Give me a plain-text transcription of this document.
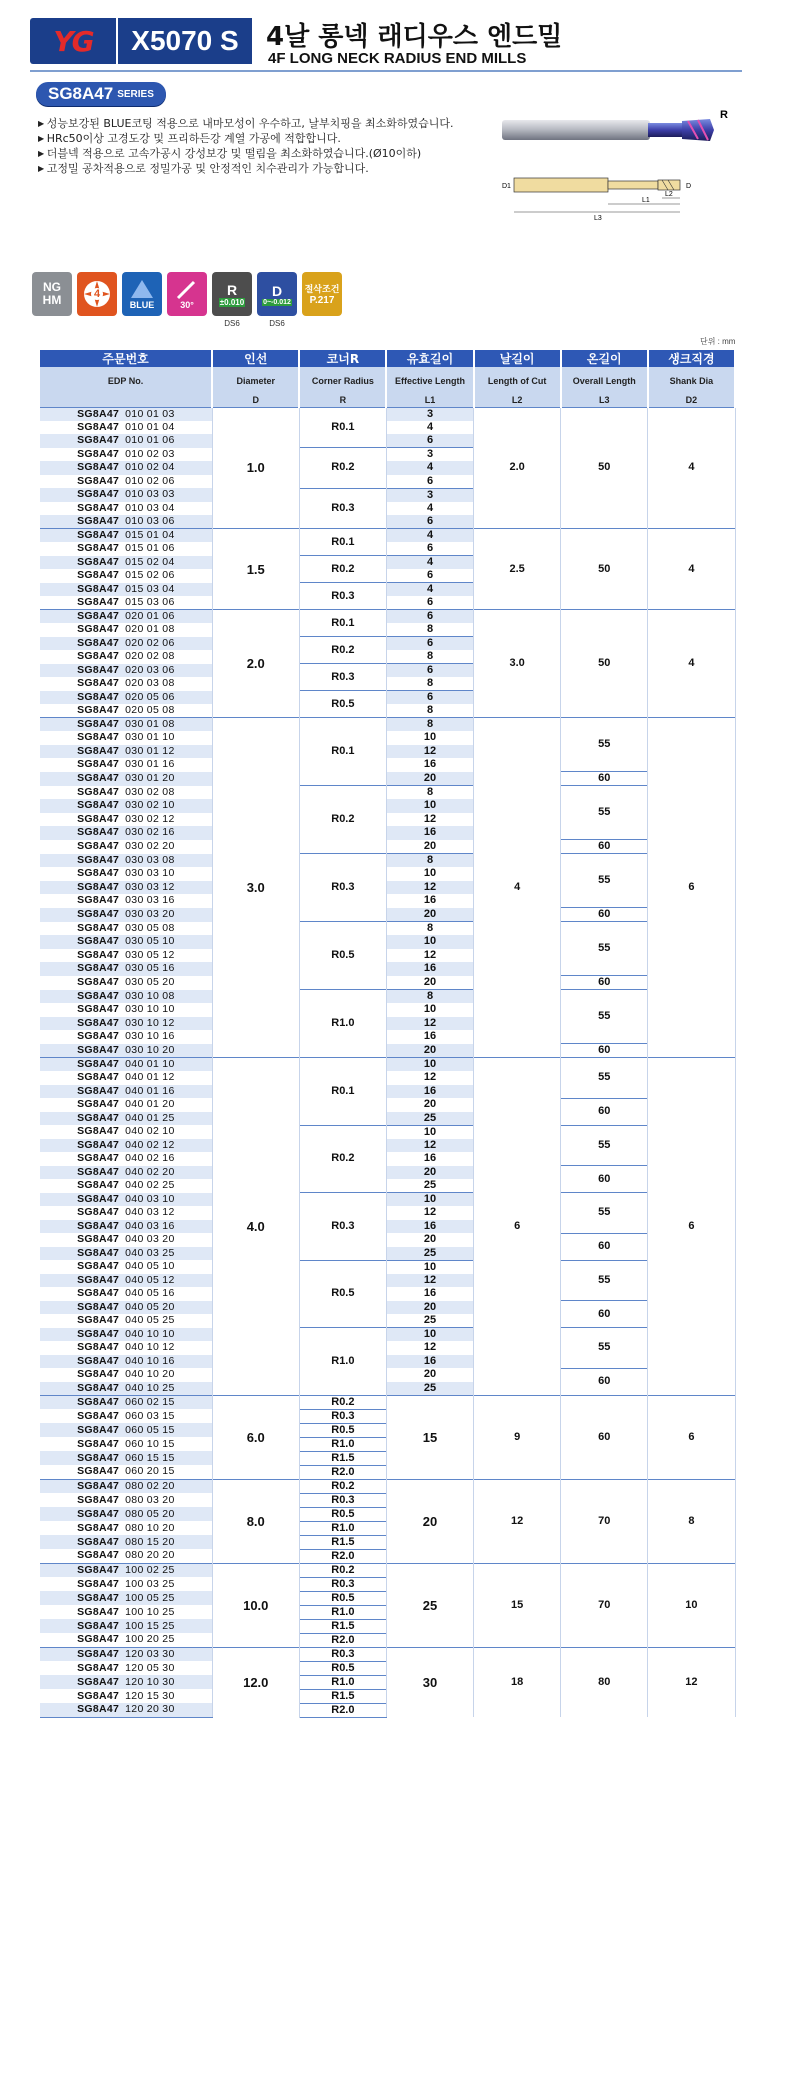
YG	X5070 S	4날 롱넥 래디우스 엔드밀
4F LONG NECK RADIUS END MILLS
SG8A47 SERIES
▶ 성능보강된 BLUE코팅 적용으로 내마모성이 우수하고, 날부치핑을 최소화하였습니다.
▶ HRc50이상 고경도강 및 프리하든강 계열 가공에 적합합니다.
▶ 더블넥 적용으로 고속가공시 강성보강 및 떨림을 최소화하였습니다.(Ø10이하)
▶ 고정밀 공차적용으로 정밀가공 및 안정적인 치수관리가 가능합니다.
R
D1	D
L2
L1
L3
NG HM	4
BLUE	30°
R
±0.010
DS6
D
0~-0.012
DS6
절삭조건
P.217
단위 : mm
주문번호	인선	코너R	유효길이	날길이	온길이	생크직경
EDP No.	Diameter	Corner Radius	Effective Length	Length of Cut	Overall Length	Shank Dia
	D	R	L1	L2	L3	D2
SG8A47 010 01 03	1.0	R0.1	3	2.0	50	4
SG8A47 010 01 04			4			
SG8A47 010 01 06			6			
SG8A47 010 02 03		R0.2	3			
SG8A47 010 02 04			4			
SG8A47 010 02 06			6			
SG8A47 010 03 03		R0.3	3			
SG8A47 010 03 04			4			
SG8A47 010 03 06			6			
SG8A47 015 01 04	1.5	R0.1	4	2.5	50	4
SG8A47 015 01 06			6			
SG8A47 015 02 04		R0.2	4			
SG8A47 015 02 06			6			
SG8A47 015 03 04		R0.3	4			
SG8A47 015 03 06			6			
SG8A47 020 01 06	2.0	R0.1	6	3.0	50	4
SG8A47 020 01 08			8			
SG8A47 020 02 06		R0.2	6			
SG8A47 020 02 08			8			
SG8A47 020 03 06		R0.3	6			
SG8A47 020 03 08			8			
SG8A47 020 05 06		R0.5	6			
SG8A47 020 05 08			8			
SG8A47 030 01 08	3.0	R0.1	8	4	55	6
SG8A47 030 01 10			10			
SG8A47 030 01 12			12			
SG8A47 030 01 16			16			
SG8A47 030 01 20			20		60	
SG8A47 030 02 08		R0.2	8		55	
SG8A47 030 02 10			10			
SG8A47 030 02 12			12			
SG8A47 030 02 16			16			
SG8A47 030 02 20			20		60	
SG8A47 030 03 08		R0.3	8		55	
SG8A47 030 03 10			10			
SG8A47 030 03 12			12			
SG8A47 030 03 16			16			
SG8A47 030 03 20			20		60	
SG8A47 030 05 08		R0.5	8		55	
SG8A47 030 05 10			10			
SG8A47 030 05 12			12			
SG8A47 030 05 16			16			
SG8A47 030 05 20			20		60	
SG8A47 030 10 08		R1.0	8		55	
SG8A47 030 10 10			10			
SG8A47 030 10 12			12			
SG8A47 030 10 16			16			
SG8A47 030 10 20			20		60	
SG8A47 040 01 10	4.0	R0.1	10	6	55	6
SG8A47 040 01 12			12			
SG8A47 040 01 16			16			
SG8A47 040 01 20			20		60	
SG8A47 040 01 25			25			
SG8A47 040 02 10		R0.2	10		55	
SG8A47 040 02 12			12			
SG8A47 040 02 16			16			
SG8A47 040 02 20			20		60	
SG8A47 040 02 25			25			
SG8A47 040 03 10		R0.3	10		55	
SG8A47 040 03 12			12			
SG8A47 040 03 16			16			
SG8A47 040 03 20			20		60	
SG8A47 040 03 25			25			
SG8A47 040 05 10		R0.5	10		55	
SG8A47 040 05 12			12			
SG8A47 040 05 16			16			
SG8A47 040 05 20			20		60	
SG8A47 040 05 25			25			
SG8A47 040 10 10		R1.0	10		55	
SG8A47 040 10 12			12			
SG8A47 040 10 16			16			
SG8A47 040 10 20			20		60	
SG8A47 040 10 25			25			
SG8A47 060 02 15	6.0	R0.2	15	9	60	6
SG8A47 060 03 15		R0.3				
SG8A47 060 05 15		R0.5				
SG8A47 060 10 15		R1.0				
SG8A47 060 15 15		R1.5				
SG8A47 060 20 15		R2.0				
SG8A47 080 02 20	8.0	R0.2	20	12	70	8
SG8A47 080 03 20		R0.3				
SG8A47 080 05 20		R0.5				
SG8A47 080 10 20		R1.0				
SG8A47 080 15 20		R1.5				
SG8A47 080 20 20		R2.0				
SG8A47 100 02 25	10.0	R0.2	25	15	70	10
SG8A47 100 03 25		R0.3				
SG8A47 100 05 25		R0.5				
SG8A47 100 10 25		R1.0				
SG8A47 100 15 25		R1.5				
SG8A47 100 20 25		R2.0				
SG8A47 120 03 30	12.0	R0.3	30	18	80	12
SG8A47 120 05 30		R0.5				
SG8A47 120 10 30		R1.0				
SG8A47 120 15 30		R1.5				
SG8A47 120 20 30		R2.0				
